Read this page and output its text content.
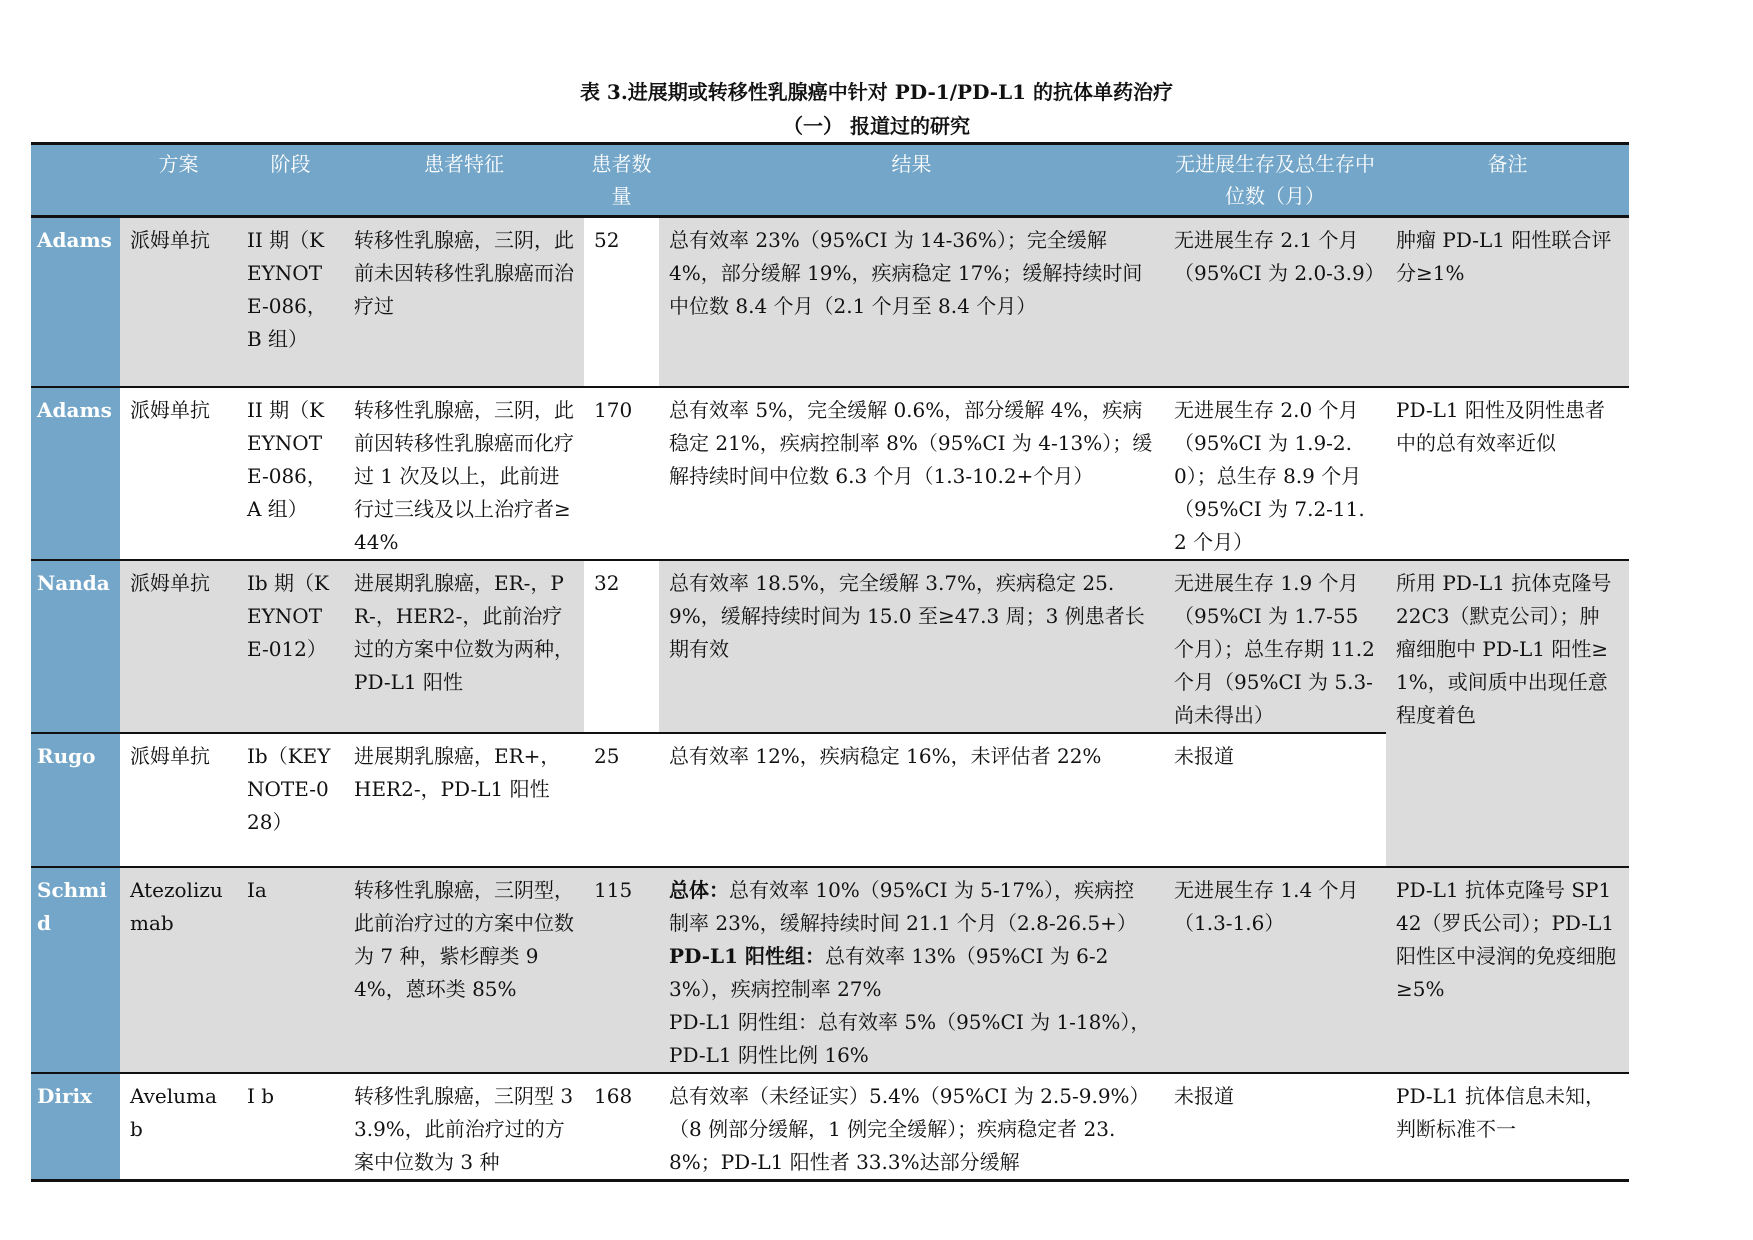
表 3.进展期或转移性乳腺癌中针对 PD-1/PD-L1 的抗体单药治疗
（一） 报道过的研究
	方案	阶段	患者特征	患者数量	结果	无进展生存及总生存中位数（月）	备注
Adams	派姆单抗	II 期（KEYNOTE-086，B 组）	转移性乳腺癌，三阴，此前未因转移性乳腺癌而治疗过	52	总有效率 23%（95%CI 为 14-36%）；完全缓解 4%，部分缓解 19%，疾病稳定 17%；缓解持续时间中位数 8.4 个月（2.1 个月至 8.4 个月）	无进展生存 2.1 个月（95%CI 为 2.0-3.9）	肿瘤 PD-L1 阳性联合评分≥1%
Adams	派姆单抗	II 期（KEYNOTE-086，A 组）	转移性乳腺癌，三阴，此前因转移性乳腺癌而化疗过 1 次及以上，此前进行过三线及以上治疗者≥44%	170	总有效率 5%，完全缓解 0.6%，部分缓解 4%，疾病稳定 21%，疾病控制率 8%（95%CI 为 4-13%）；缓解持续时间中位数 6.3 个月（1.3-10.2+个月）	无进展生存 2.0 个月（95%CI 为 1.9-2.0）；总生存 8.9 个月（95%CI 为 7.2-11.2 个月）	PD-L1 阳性及阴性患者中的总有效率近似
Nanda	派姆单抗	Ib 期（KEYNOTE-012）	进展期乳腺癌，ER-，PR-，HER2-，此前治疗过的方案中位数为两种，PD-L1 阳性	32	总有效率 18.5%，完全缓解 3.7%，疾病稳定 25.9%，缓解持续时间为 15.0 至≥47.3 周；3 例患者长期有效	无进展生存 1.9 个月（95%CI 为 1.7-55 个月）；总生存期 11.2 个月（95%CI 为 5.3-尚未得出）	所用 PD-L1 抗体克隆号 22C3（默克公司）；肿瘤细胞中 PD-L1 阳性≥1%，或间质中出现任意程度着色
Rugo	派姆单抗	Ib（KEYNOTE-028）	进展期乳腺癌，ER+，HER2-，PD-L1 阳性	25	总有效率 12%，疾病稳定 16%，未评估者 22%	未报道	
Schmid	Atezolizumab	Ia	转移性乳腺癌，三阴型，此前治疗过的方案中位数为 7 种，紫杉醇类 94%，蒽环类 85%	115	总体：总有效率 10%（95%CI 为 5-17%），疾病控制率 23%，缓解持续时间 21.1 个月（2.8-26.5+）
PD-L1 阳性组：总有效率 13%（95%CI 为 6-23%），疾病控制率 27%
PD-L1 阴性组：总有效率 5%（95%CI 为 1-18%），PD-L1 阴性比例 16%	无进展生存 1.4 个月（1.3-1.6）	PD-L1 抗体克隆号 SP142（罗氏公司）；PD-L1 阳性区中浸润的免疫细胞≥5%
Dirix	Avelumab	I b	转移性乳腺癌，三阴型 33.9%，此前治疗过的方案中位数为 3 种	168	总有效率（未经证实）5.4%（95%CI 为 2.5-9.9%）（8 例部分缓解，1 例完全缓解）；疾病稳定者 23.8%；PD-L1 阳性者 33.3%达部分缓解	未报道	PD-L1 抗体信息未知，判断标准不一
